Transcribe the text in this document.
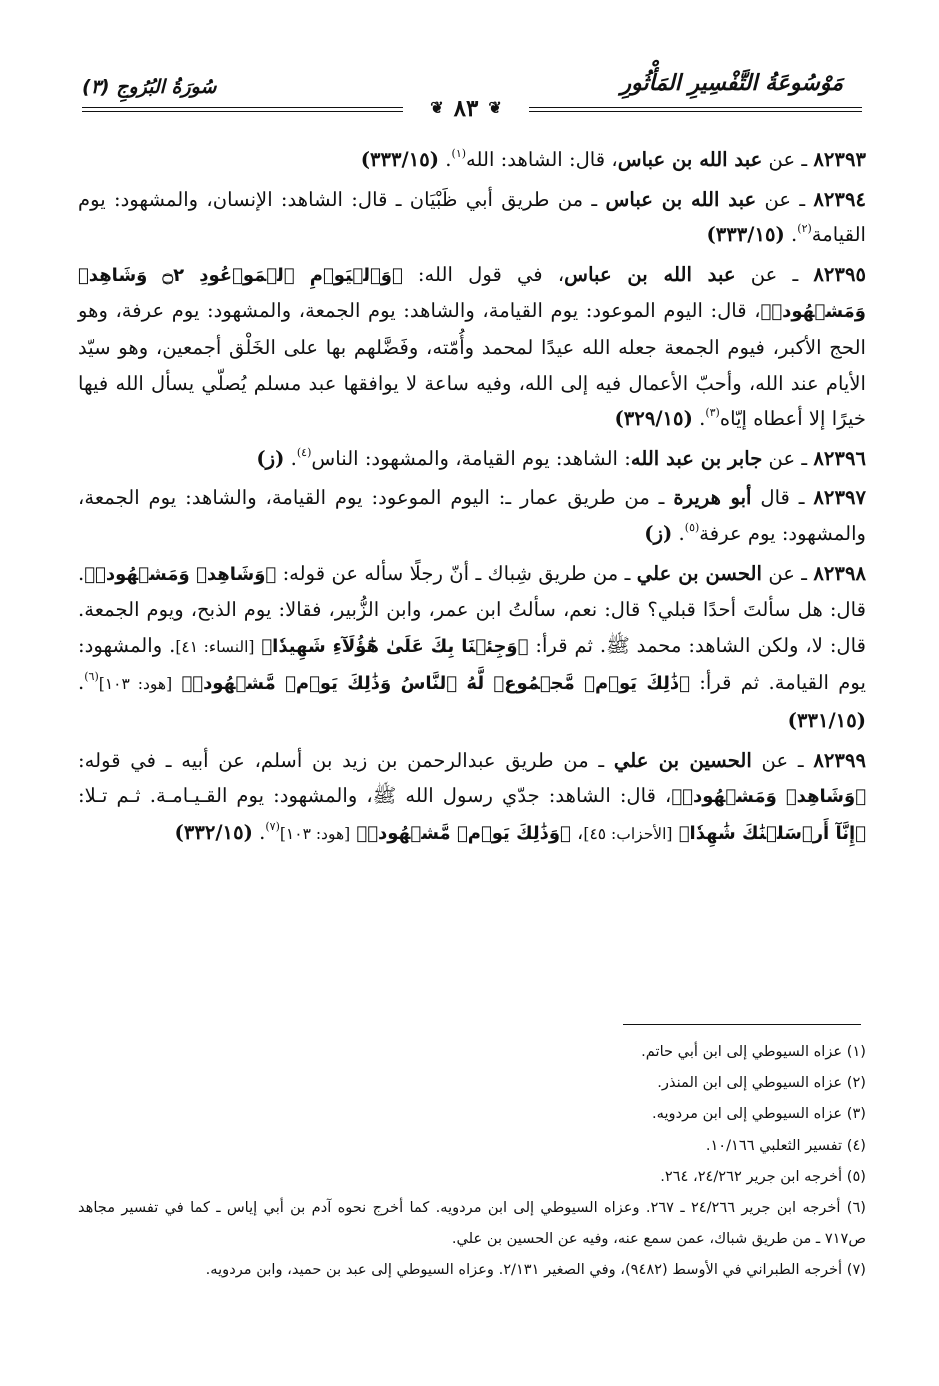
مَوْسُوعَةُ التَّفْسِيرِ المَأْثُورِ
سُورَةُ البُرُوجِ (٣)
❦
٨٣
❦

٨٢٣٩٣ ـ عن عبد الله بن عباس، قال: الشاهد: الله$^{(١)}$. (٣٣٣/١٥)

٨٢٣٩٤ ـ عن عبد الله بن عباس ـ من طريق أبي ظَبْيَان ـ قال: الشاهد: الإنسان، والمشهود: يوم القيامة$^{(٢)}$. (٣٣٣/١٥)

٨٢٣٩٥ ـ عن عبد الله بن عباس، في قول الله: ﴿وَٱلۡيَوۡمِ ٱلۡمَوۡعُودِ ۝٢ وَشَاهِدٖ وَمَشۡهُودٖ﴾، قال: اليوم الموعود: يوم القيامة، والشاهد: يوم الجمعة، والمشهود: يوم عرفة، وهو الحج الأكبر، فيوم الجمعة جعله الله عيدًا لمحمد وأُمّته، وفَضَّلهم بها على الخَلْق أجمعين، وهو سيّد الأيام عند الله، وأحبّ الأعمال فيه إلى الله، وفيه ساعة لا يوافقها عبد مسلم يُصلّي يسأل الله فيها خيرًا إلا أعطاه إيّاه$^{(٣)}$. (٣٢٩/١٥)

٨٢٣٩٦ ـ عن جابر بن عبد الله: الشاهد: يوم القيامة، والمشهود: الناس$^{(٤)}$. (ز)

٨٢٣٩٧ ـ قال أبو هريرة ـ من طريق عمار ـ: اليوم الموعود: يوم القيامة، والشاهد: يوم الجمعة، والمشهود: يوم عرفة$^{(٥)}$. (ز)

٨٢٣٩٨ ـ عن الحسن بن علي ـ من طريق شِباك ـ أنّ رجلًا سأله عن قوله: ﴿وَشَاهِدٖ وَمَشۡهُودٖ﴾. قال: هل سألتَ أحدًا قبلي؟ قال: نعم، سألتُ ابن عمر، وابن الزُّبير، فقالا: يوم الذبح، ويوم الجمعة. قال: لا، ولكن الشاهد: محمد ﷺ. ثم قرأ: ﴿وَجِئۡنَا بِكَ عَلَىٰ هَٰٓؤُلَآءِ شَهِيدٗا﴾ [النساء: ٤١]. والمشهود: يوم القيامة. ثم قرأ: ﴿ذَٰلِكَ يَوۡمٞ مَّجۡمُوعٞ لَّهُ ٱلنَّاسُ وَذَٰلِكَ يَوۡمٞ مَّشۡهُودٞ﴾ [هود: ١٠٣]$^{(٦)}$. (٣٣١/١٥)

٨٢٣٩٩ ـ عن الحسين بن علي ـ من طريق عبدالرحمن بن زيد بن أسلم، عن أبيه ـ في قوله: ﴿وَشَاهِدٖ وَمَشۡهُودٖ﴾، قال: الشاهد: جدّي رسول الله ﷺ، والمشهود: يوم القـيـامـة. ثـم تـلا: ﴿إِنَّآ أَرۡسَلۡنَٰكَ شَٰهِدٗا﴾ [الأحزاب: ٤٥]، ﴿وَذَٰلِكَ يَوۡمٞ مَّشۡهُودٞ﴾ [هود: ١٠٣]$^{(٧)}$. (٣٣٢/١٥)

(١) عزاه السيوطي إلى ابن أبي حاتم.

(٢) عزاه السيوطي إلى ابن المنذر.

(٣) عزاه السيوطي إلى ابن مردويه.

(٤) تفسير الثعلبي ١٠/١٦٦.

(٥) أخرجه ابن جرير ٢٤/٢٦٢، ٢٦٤.

(٦) أخرجه ابن جرير ٢٤/٢٦٦ ـ ٢٦٧. وعزاه السيوطي إلى ابن مردويه. كما أخرج نحوه آدم بن أبي إياس ـ كما في تفسير مجاهد ص٧١٧ ـ من طريق شباك، عمن سمع عنه، وفيه عن الحسين بن علي.

(٧) أخرجه الطبراني في الأوسط (٩٤٨٢)، وفي الصغير ٢/١٣١. وعزاه السيوطي إلى عبد بن حميد، وابن مردويه.
